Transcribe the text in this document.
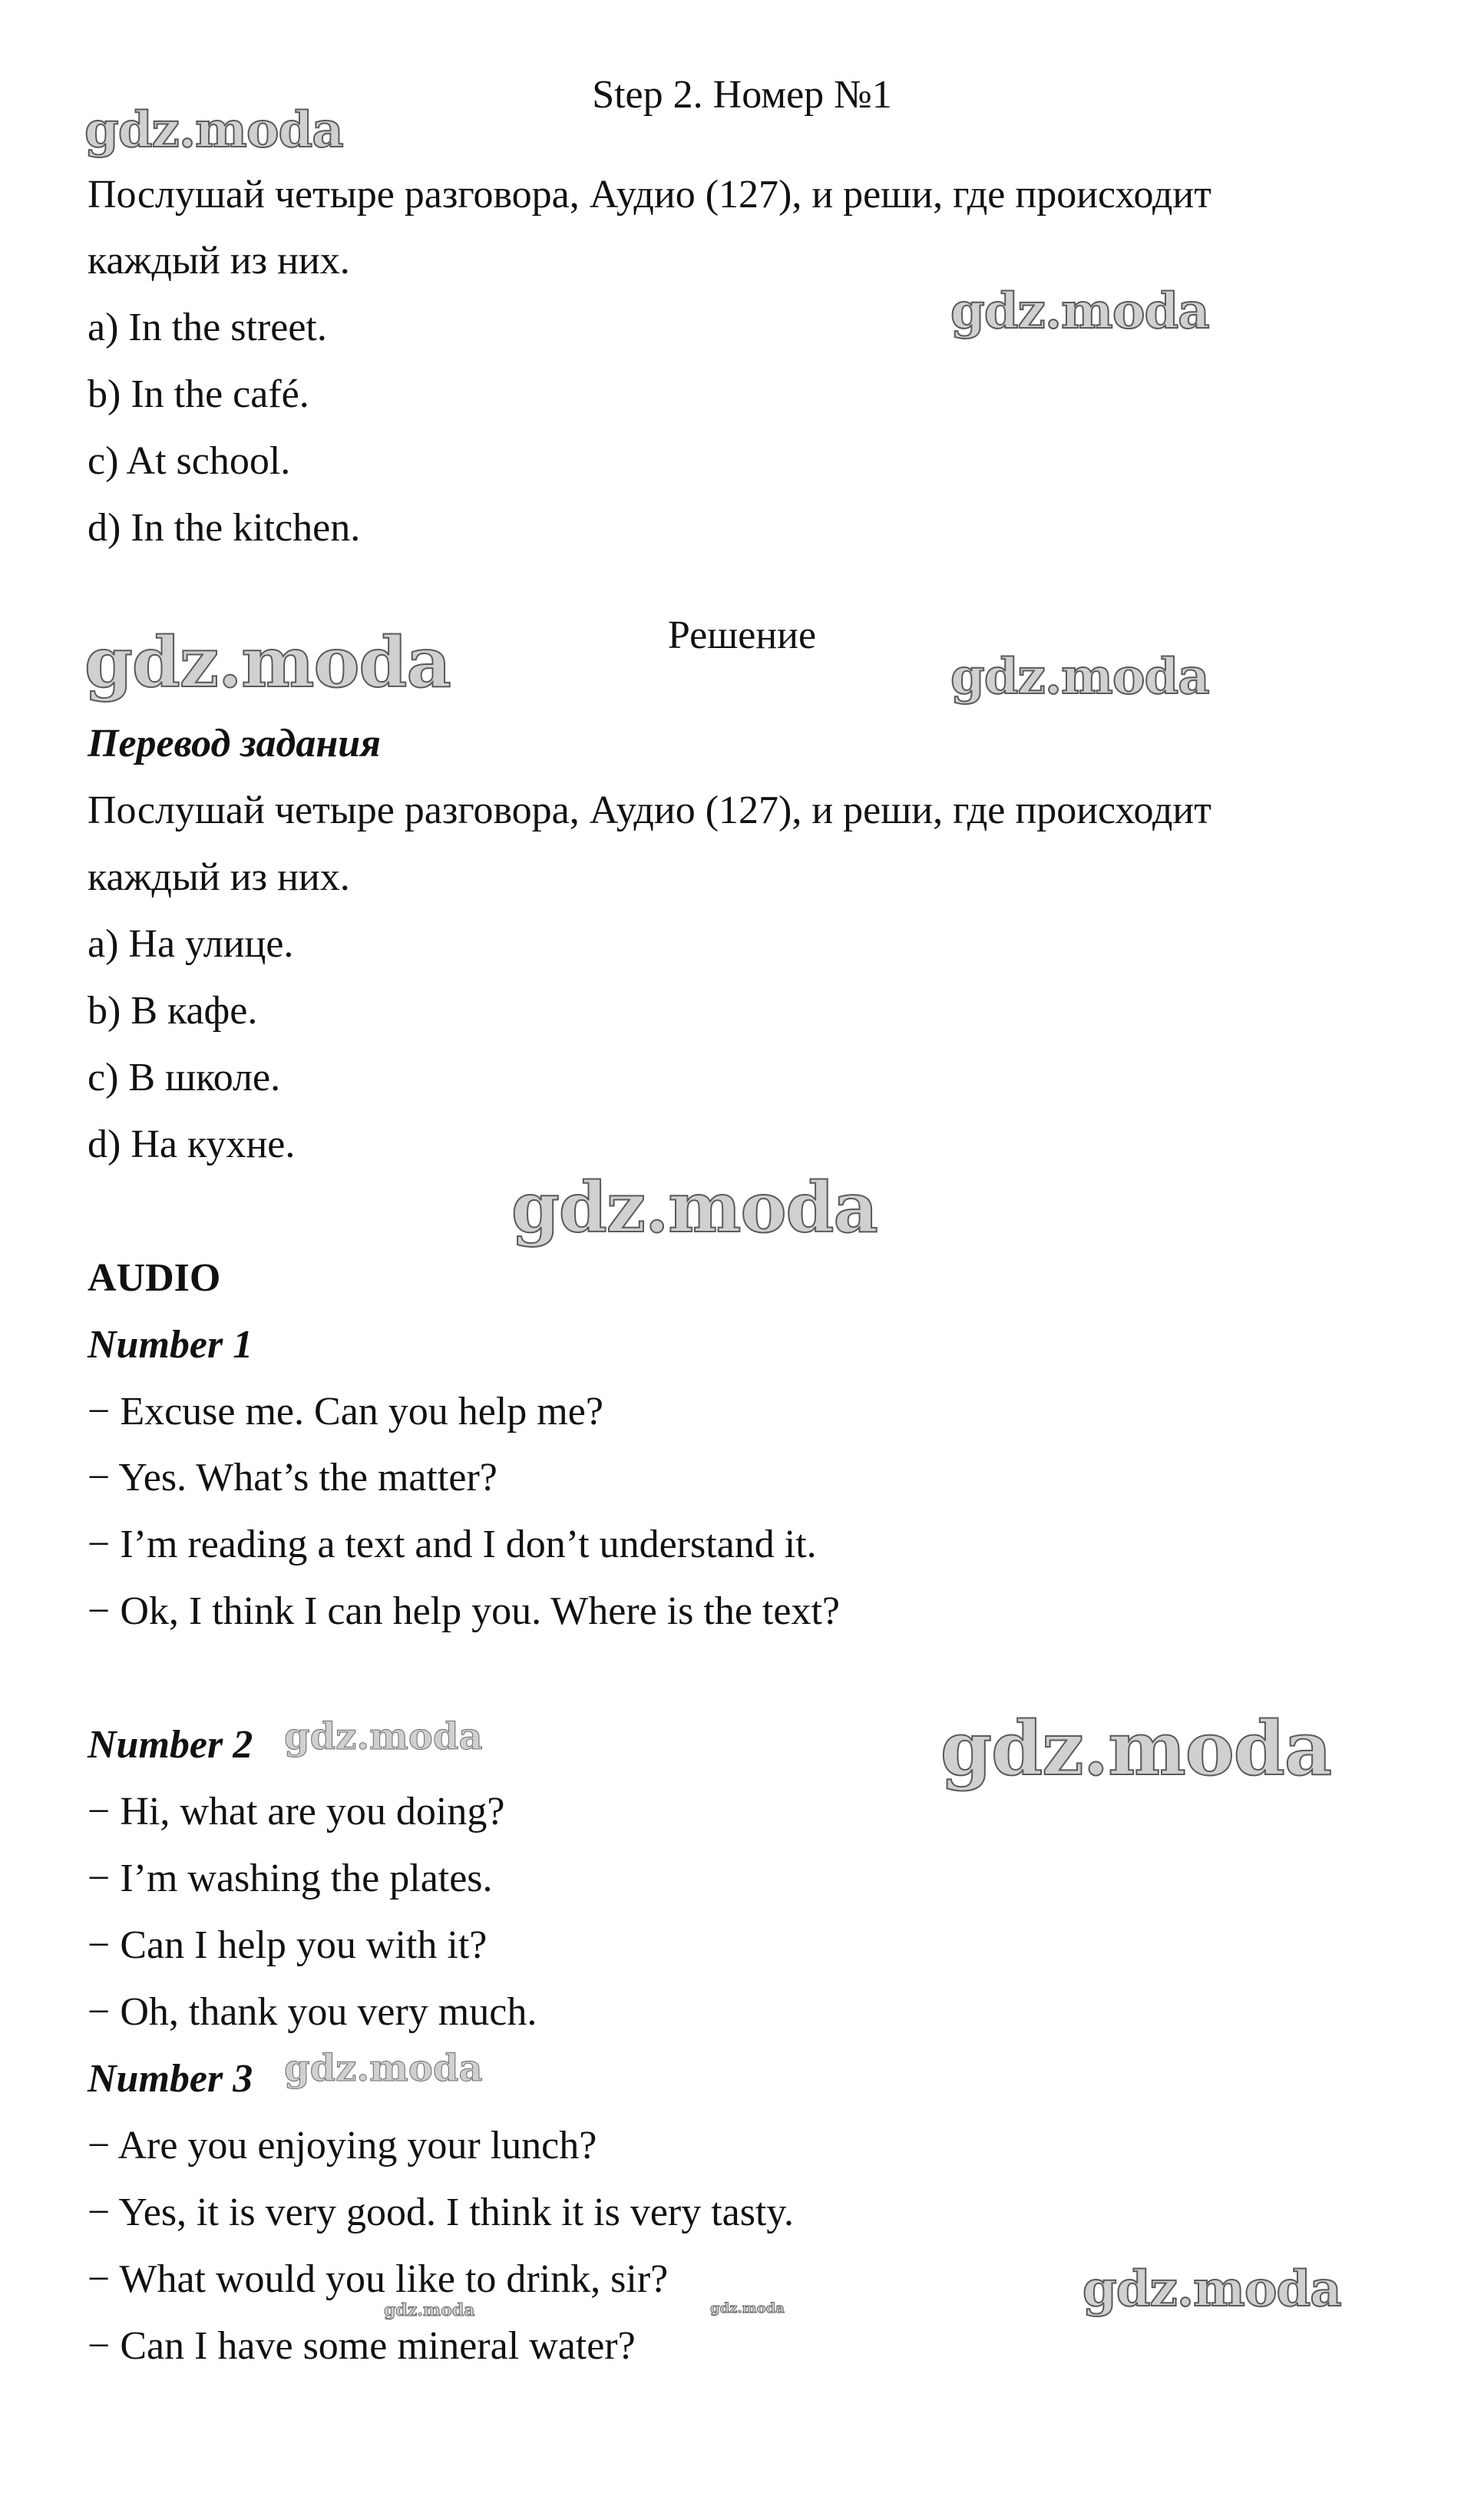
Step 2. Номер №1

Послушай четыре разговора, Аудио (127), и реши, где происходит

каждый из них.

a) In the street.

b) In the café.

c) At school.

d) In the kitchen.

Решение

Перевод задания

Послушай четыре разговора, Аудио (127), и реши, где происходит

каждый из них.

a) На улице.

b) В кафе.

c) В школе.

d) На кухне.

AUDIO

Number 1

− Excuse me. Can you help me?

− Yes. What’s the matter?

− I’m reading a text and I don’t understand it.

− Ok, I think I can help you. Where is the text?

Number 2

− Hi, what are you doing?

− I’m washing the plates.

− Can I help you with it?

− Oh, thank you very much.

Number 3

− Are you enjoying your lunch?

− Yes, it is very good. I think it is very tasty.

− What would you like to drink, sir?

− Can I have some mineral water?

gdz.moda
gdz.moda
gdz.moda	gdz.moda
gdz.moda
gdz.moda	gdz.moda
gdz.moda
gdz.moda
gdz.moda	gdz.moda
